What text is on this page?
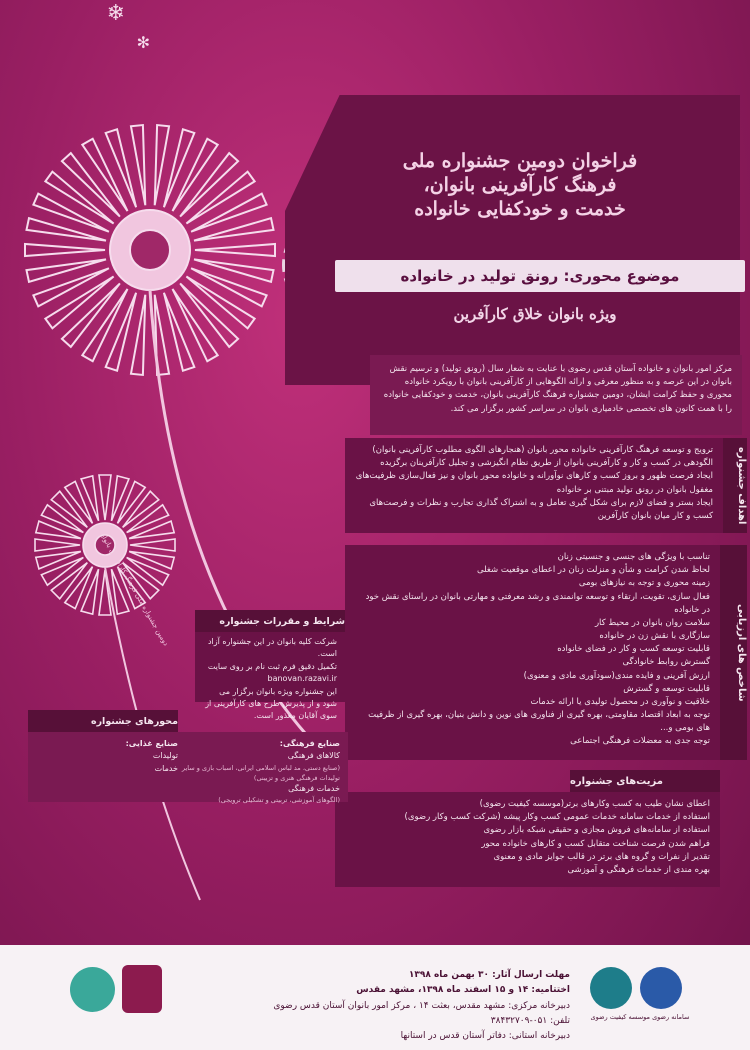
❄
✻
فراخوان دومین جشنواره ملی
فرهنگ کارآفرینی بانوان،
خدمت و خودکفایی خانواده
موضوع محوری: رونق تولید در خانواده
ویژه بانوان خلاق کارآفرین

مرکز امور بانوان و خانواده آستان قدس رضوی با عنایت به شعار سال (رونق تولید) و ترسیم نقش بانوان در این عرصه و به منظور معرفی و ارائه الگوهایی از کارآفرینی بانوان با رویکرد خانواده محوری و حفظ کرامت ایشان، دومین جشنواره فرهنگ کارآفرینی بانوان، خدمت و خودکفایی خانواده را با همت کانون های تخصصی خادمیاری بانوان در سراسر کشور برگزار می کند.

اهداف جشنواره
ترویج و توسعه فرهنگ کارآفرینی خانواده محور بانوان (هنجارهای الگوی مطلوب کارآفرینی بانوان)
الگودهی در کسب و کار و کارآفرینی بانوان از طریق نظام انگیزشی و تجلیل کارآفرینان برگزیده
ایجاد فرصت ظهور و بروز کسب و کارهای نوآورانه و خانواده محور بانوان و نیز فعال‌سازی ظرفیت‌های مغفول بانوان در رونق تولید مبتنی بر خانواده
ایجاد بستر و فضای لازم برای شکل گیری تعامل و به اشتراک گذاری تجارب و نظرات و فرصت‌های کسب و کار میان بانوان کارآفرین
شاخص های ارزیابی
تناسب با ویژگی های جنسی و جنسیتی زنان
لحاظ شدن کرامت و شأن و منزلت زنان در اعطای موقعیت شغلی
زمینه محوری و توجه به نیازهای بومی
فعال سازی، تقویت، ارتقاء و توسعه توانمندی و رشد معرفتی و مهارتی بانوان در راستای نقش خود در خانواده
سلامت روان بانوان در محیط کار
سازگاری با نقش زن در خانواده
قابلیت توسعه کسب و کار در فضای خانواده
گسترش روابط خانوادگی
ارزش آفرینی و فایده مندی(سودآوری مادی و معنوی)
قابلیت توسعه و گسترش
خلاقیت و نوآوری در محصول تولیدی یا ارائه خدمات
توجه به ابعاد اقتصاد مقاومتی، بهره گیری از فناوری های نوین و دانش بنیان، بهره گیری از ظرفیت های بومی و...
توجه جدی به معضلات فرهنگی اجتماعی
مزیت‌های جشنواره
اعطای نشان طیب به کسب وکارهای برتر(موسسه کیفیت رضوی)
استفاده از خدمات سامانه خدمات عمومی کسب وکار پیشه (شرکت کسب وکار رضوی)
استفاده از سامانه‌های فروش مجازی و حقیقی شبکه بازار رضوی
فراهم شدن فرصت شناخت متقابل کسب و کارهای خانواده محور
تقدیر از نفرات و گروه های برتر در قالب جوایز مادی و معنوی
بهره مندی از خدمات فرهنگی و آموزشی
شرایط و مقررات جشنواره
شرکت کلیه بانوان در این جشنواره آزاد است.
تکمیل دقیق فرم ثبت نام بر روی سایت banovan.razavi.ir
این جشنواره ویژه بانوان برگزار می شود و از پذیرش طرح های کارآفرینی از سوی آقایان معذور است.
محورهای جشنواره
صنایع فرهنگی:
کالاهای فرهنگی
(صنایع دستی، مد لباس اسلامی ایرانی، اسباب بازی و سایر تولیدات فرهنگی هنری و تزیینی)
خدمات فرهنگی
(الگوهای آموزشی، تربیتی و تشکیلی ترویجی)
صنایع غذایی:
تولیدات
خدمات
دومین جشنواره ملی فرهنگ کارآفرینی بانوان
سامانه رضوی موسسه کیفیت رضوی
مهلت ارسال آثار: ۳۰ بهمن ماه ۱۳۹۸
اختتامیه: ۱۴ و ۱۵ اسفند ماه ۱۳۹۸، مشهد مقدس
دبیرخانه مرکزی: مشهد مقدس، بعثت ۱۴ ، مرکز امور بانوان آستان قدس رضوی
تلفن: ۰۵۱-۳۸۴۳۲۷۰۹
دبیرخانه استانی: دفاتر آستان قدس در استانها
